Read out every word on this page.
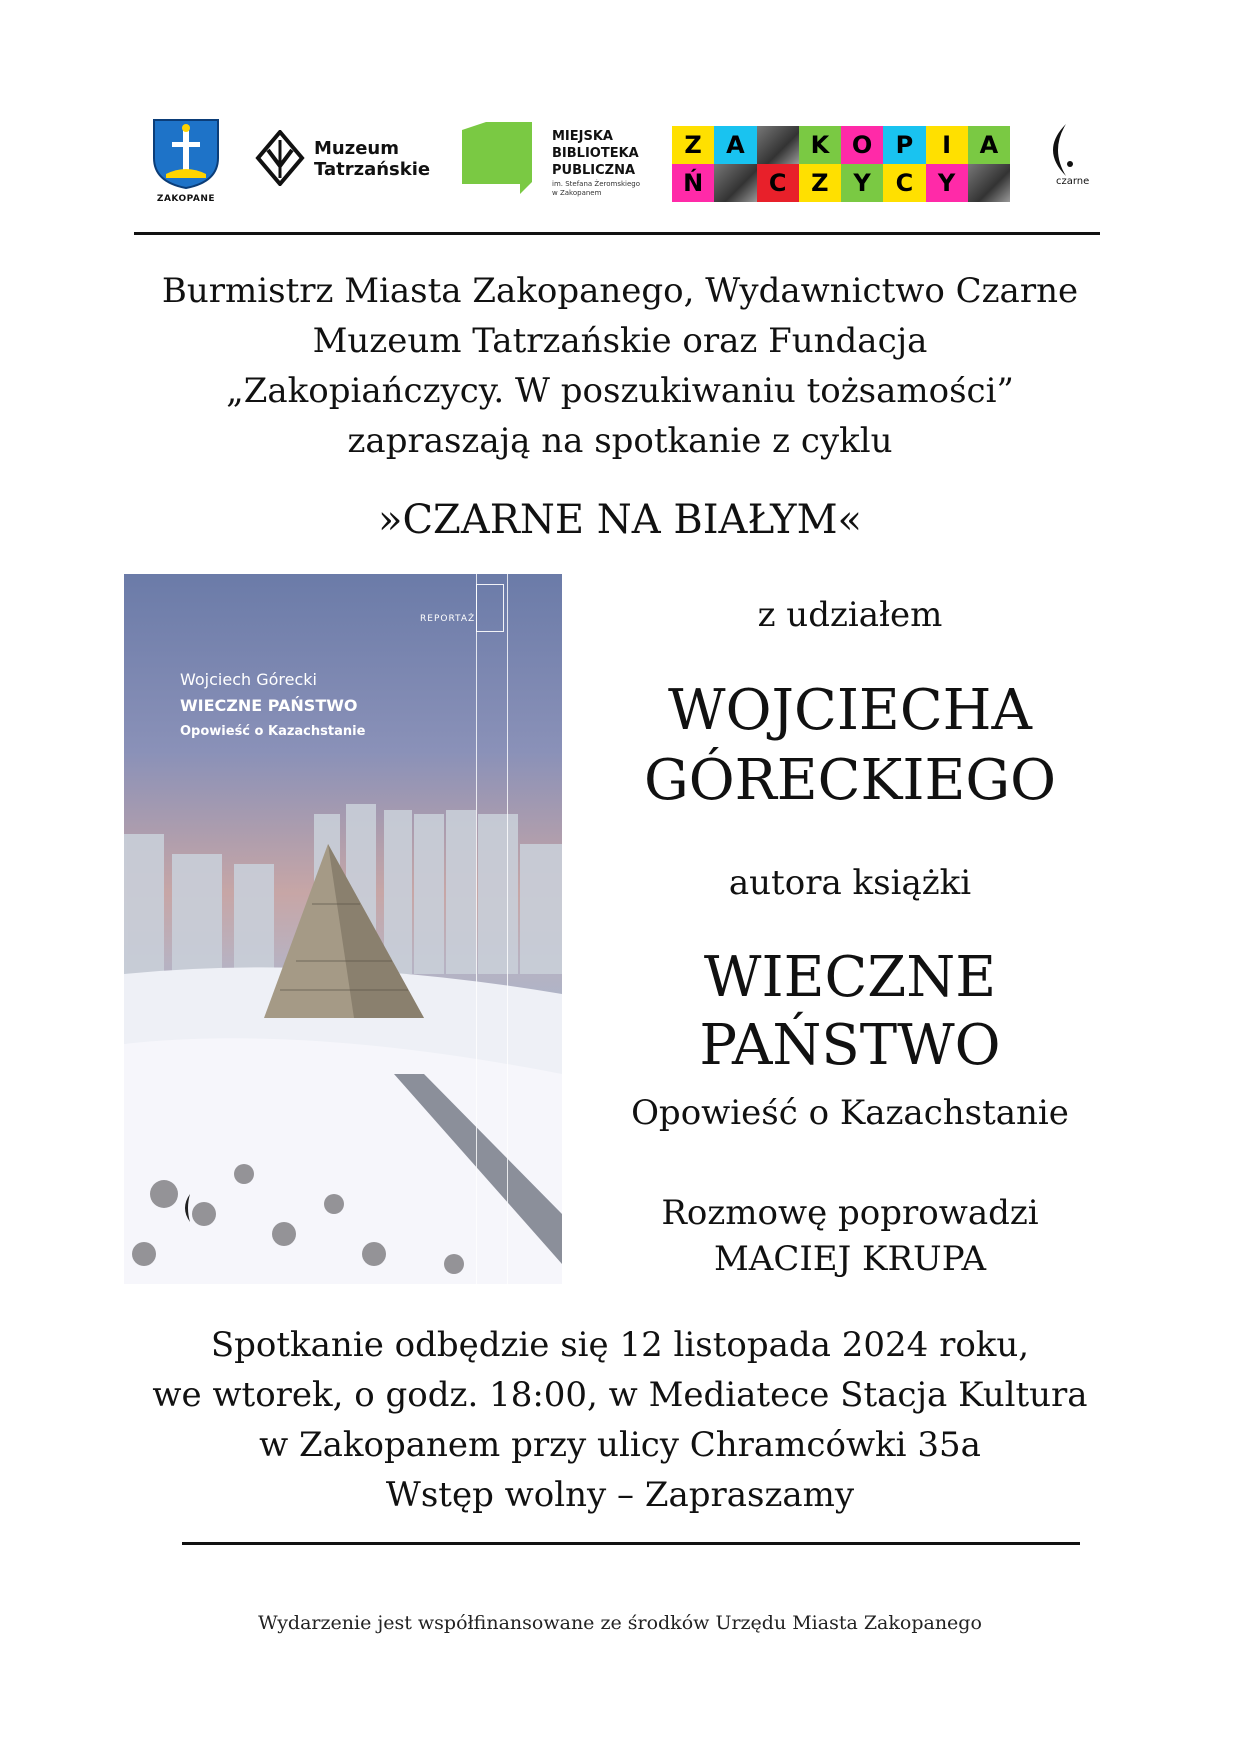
ZAKOPANE
Muzeum
Tatrzańskie
MIEJSKA
BIBLIOTEKA
PUBLICZNA
im. Stefana Żeromskiego
w Zakopanem
Z	A	K O P	I	A
Ń	C	Z	Y	C	Y	czarne
Burmistrz Miasta Zakopanego, Wydawnictwo Czarne
Muzeum Tatrzańskie oraz Fundacja
„Zakopiańczycy. W poszukiwaniu tożsamości”
zapraszają na spotkanie z cyklu
»CZARNE NA BIAŁYM«
REPORTAŻ
Wojciech Górecki
WIECZNE PAŃSTWO
Opowieść o Kazachstanie
z udziałem
WOJCIECHA
GÓRECKIEGO
autora książki
WIECZNE
PAŃSTWO
Opowieść o Kazachstanie
Rozmowę poprowadzi
MACIEJ KRUPA
Spotkanie odbędzie się 12 listopada 2024 roku,
we wtorek, o godz. 18:00, w Mediatece Stacja Kultura
w Zakopanem przy ulicy Chramcówki 35a
Wstęp wolny – Zapraszamy
Wydarzenie jest współfinansowane ze środków Urzędu Miasta Zakopanego
